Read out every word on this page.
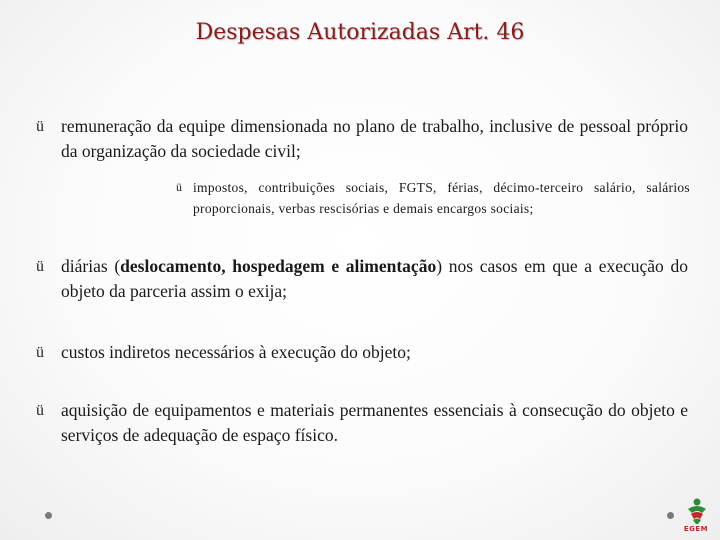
Despesas Autorizadas Art. 46
ü remuneração da equipe dimensionada no plano de trabalho, inclusive de pessoal próprio da organização da sociedade civil;
ü impostos, contribuições sociais, FGTS, férias, décimo-terceiro salário, salários proporcionais, verbas rescisórias e demais encargos sociais;
ü diárias (deslocamento, hospedagem e alimentação) nos casos em que a execução do objeto da parceria assim o exija;
ü custos indiretos necessários à execução do objeto;
ü aquisição de equipamentos e materiais permanentes essenciais à consecução do objeto e serviços de adequação de espaço físico.
EGEM
